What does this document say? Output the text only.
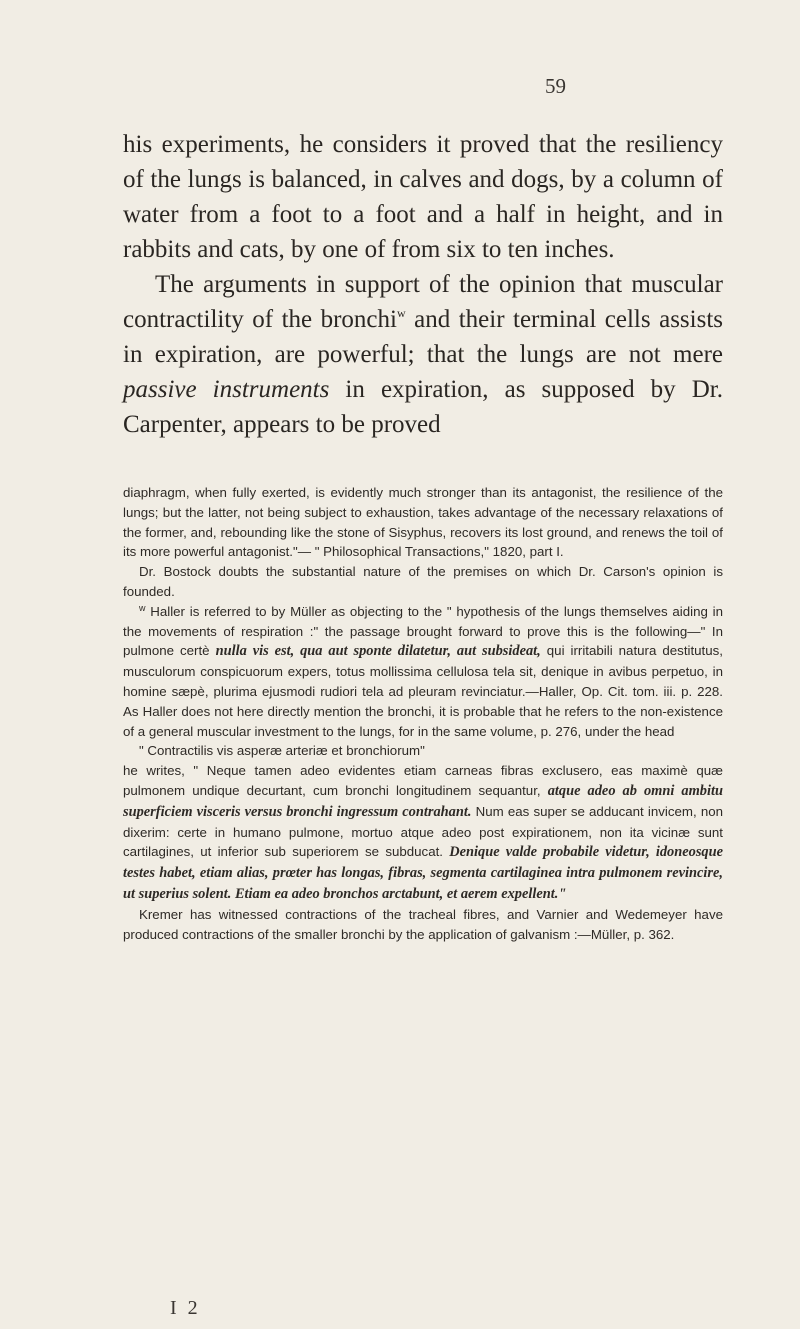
59

his experiments, he considers it proved that the resiliency of the lungs is balanced, in calves and dogs, by a column of water from a foot to a foot and a half in height, and in rabbits and cats, by one of from six to ten inches.

The arguments in support of the opinion that muscular contractility of the bronchi$^w$ and their terminal cells assists in expiration, are powerful; that the lungs are not mere passive instruments in expiration, as supposed by Dr. Carpenter, appears to be proved

diaphragm, when fully exerted, is evidently much stronger than its antagonist, the resilience of the lungs; but the latter, not being subject to exhaustion, takes advantage of the necessary relaxations of the former, and, rebounding like the stone of Sisyphus, recovers its lost ground, and renews the toil of its more powerful antagonist."— " Philosophical Transactions," 1820, part I.

Dr. Bostock doubts the substantial nature of the premises on which Dr. Carson's opinion is founded.

$^w$ Haller is referred to by Müller as objecting to the " hypothesis of the lungs themselves aiding in the movements of respiration :" the passage brought forward to prove this is the following—" In pulmone certè nulla vis est, qua aut sponte dilatetur, aut subsideat, qui irritabili natura destitutus, musculorum conspicuorum expers, totus mollissima cellulosa tela sit, denique in avibus perpetuo, in homine sæpè, plurima ejusmodi rudiori tela ad pleuram revinciatur.—Haller, Op. Cit. tom. iii. p. 228. As Haller does not here directly mention the bronchi, it is probable that he refers to the non-existence of a general muscular investment to the lungs, for in the same volume, p. 276, under the head

" Contractilis vis asperæ arteriæ et bronchiorum"

he writes, " Neque tamen adeo evidentes etiam carneas fibras exclusero, eas maximè quæ pulmonem undique decurtant, cum bronchi longitudinem sequantur, atque adeo ab omni ambitu superficiem visceris versus bronchi ingressum contrahant. Num eas super se adducant invicem, non dixerim: certe in humano pulmone, mortuo atque adeo post expirationem, non ita vicinæ sunt cartilagines, ut inferior sub superiorem se subducat. Denique valde probabile videtur, idoneosque testes habet, etiam alias, prœter has longas, fibras, segmenta cartilaginea intra pulmonem revincire, ut superius solent. Etiam ea adeo bronchos arctabunt, et aerem expellent."

Kremer has witnessed contractions of the tracheal fibres, and Varnier and Wedemeyer have produced contractions of the smaller bronchi by the application of galvanism :—Müller, p. 362.

I 2
